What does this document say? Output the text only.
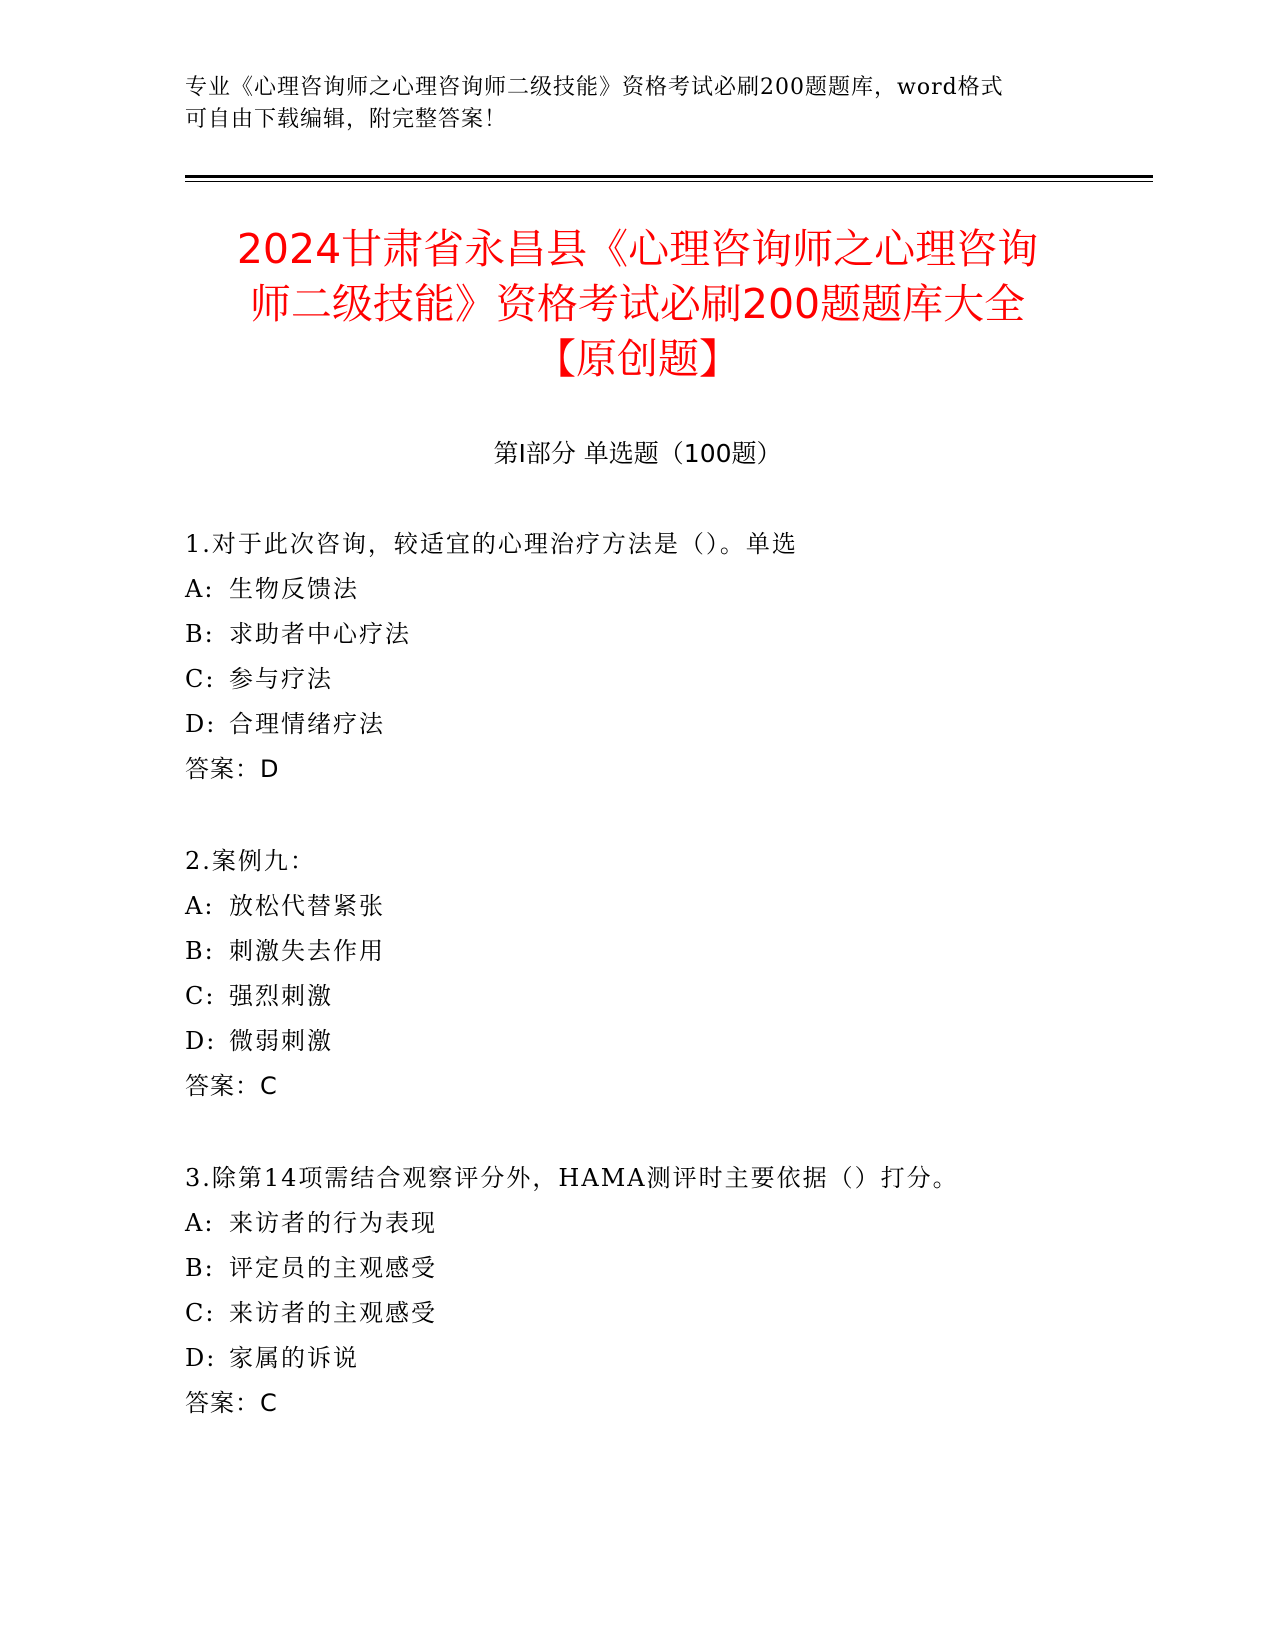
专业《心理咨询师之心理咨询师二级技能》资格考试必刷200题题库，word格式
可自由下载编辑，附完整答案！
2024甘肃省永昌县《心理咨询师之心理咨询
师二级技能》资格考试必刷200题题库大全
【原创题】
第Ⅰ部分 单选题（100题）
1.对于此次咨询，较适宜的心理治疗方法是（）。单选
A: 生物反馈法
B: 求助者中心疗法
C: 参与疗法
D: 合理情绪疗法
答案：D
2.案例九：
A: 放松代替紧张
B: 刺激失去作用
C: 强烈刺激
D: 微弱刺激
答案：C
3.除第14项需结合观察评分外，HAMA测评时主要依据（）打分。
A: 来访者的行为表现
B: 评定员的主观感受
C: 来访者的主观感受
D: 家属的诉说
答案：C
